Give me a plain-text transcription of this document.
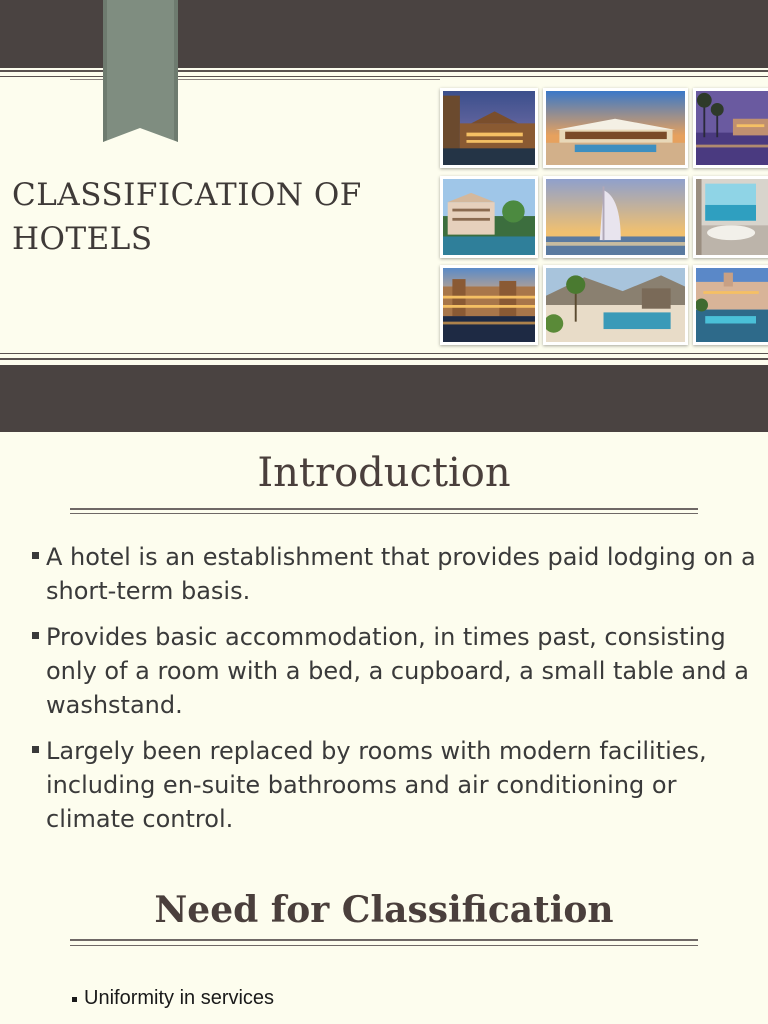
CLASSIFICATION OF
HOTELS
Introduction
A hotel is an establishment that provides paid lodging on a short-term basis.
Provides basic accommodation, in times past, consisting only of a room with a bed, a cupboard, a small table and a washstand.
Largely been replaced by rooms with modern facilities, including en-suite bathrooms and air conditioning or climate control.
Need for Classification
Uniformity in services
